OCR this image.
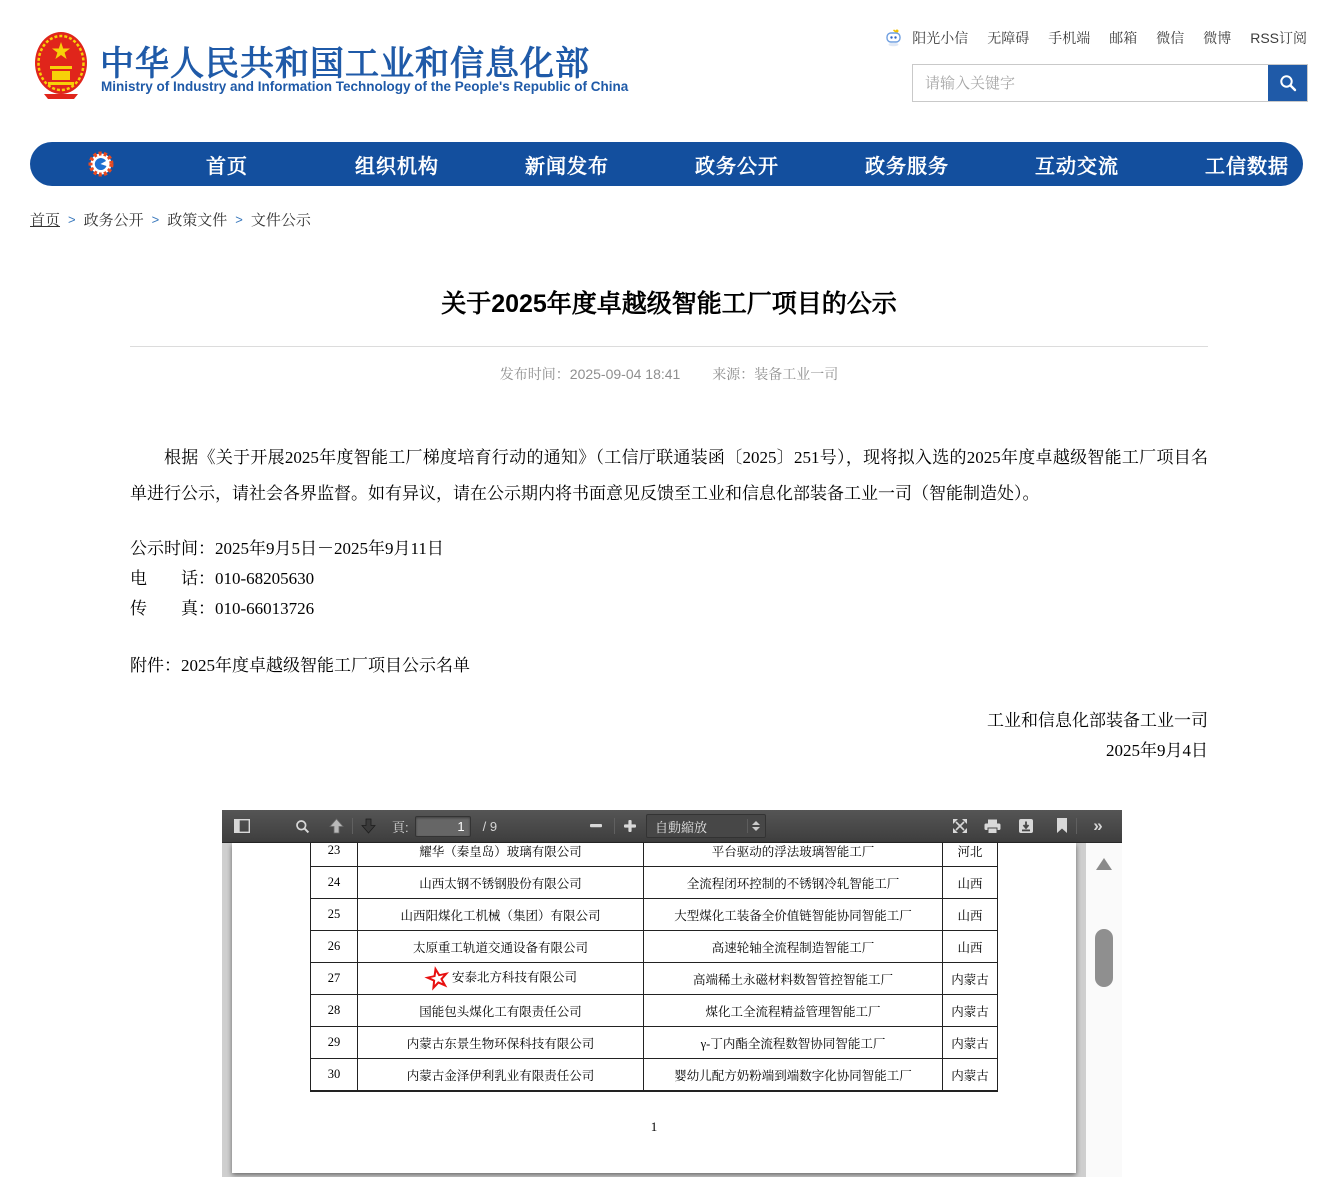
中华人民共和国工业和信息化部
Ministry of Industry and Information Technology of the People's Republic of China
阳光小信 无障碍 手机端 邮箱 微信 微博 RSS订阅
请输入关键字
首页	组织机构	新闻发布	政务公开	政务服务	互动交流	工信数据
首页 > 政务公开 > 政策文件 > 文件公示
关于2025年度卓越级智能工厂项目的公示
发布时间：2025-09-04 18:41 来源：装备工业一司

根据《关于开展2025年度智能工厂梯度培育行动的通知》（工信厅联通装函〔2025〕251号），现将拟入选的2025年度卓越级智能工厂项目名单进行公示，请社会各界监督。如有异议，请在公示期内将书面意见反馈至工业和信息化部装备工业一司（智能制造处）。

公示时间：2025年9月5日－2025年9月11日
电　　话：010-68205630
传　　真：010-66013726
附件：2025年度卓越级智能工厂项目公示名单
工业和信息化部装备工业一司
2025年9月4日
頁:
1	/ 9	自動縮放	»
23	耀华（秦皇岛）玻璃有限公司	平台驱动的浮法玻璃智能工厂	河北
24	山西太钢不锈钢股份有限公司	全流程闭环控制的不锈钢冷轧智能工厂	山西
25	山西阳煤化工机械（集团）有限公司	大型煤化工装备全价值链智能协同智能工厂	山西
26	太原重工轨道交通设备有限公司	高速轮轴全流程制造智能工厂	山西
27	安泰北方科技有限公司	高端稀土永磁材料数智管控智能工厂	内蒙古
28	国能包头煤化工有限责任公司	煤化工全流程精益管理智能工厂	内蒙古
29	内蒙古东景生物环保科技有限公司	γ-丁内酯全流程数智协同智能工厂	内蒙古
30	内蒙古金泽伊利乳业有限责任公司	婴幼儿配方奶粉端到端数字化协同智能工厂	内蒙古
1
